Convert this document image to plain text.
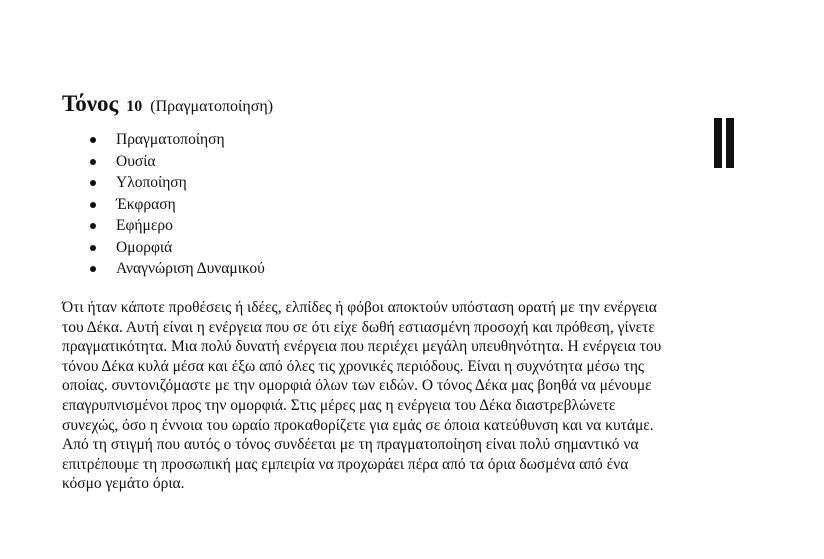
Τόνος 10 (Πραγματοποίηση)
Πραγματοποίηση
Ουσία
Υλοποίηση
Έκφραση
Εφήμερο
Ομορφιά
Αναγνώριση Δυναμικού

Ότι ήταν κάποτε προθέσεις ή ιδέες, ελπίδες ή φόβοι αποκτούν υπόσταση ορατή με την ενέργεια
του Δέκα. Αυτή είναι η ενέργεια που σε ότι είχε δωθή εστιασμένη προσοχή και πρόθεση, γίνετε
πραγματικότητα. Μια πολύ δυνατή ενέργεια που περιέχει μεγάλη υπευθηνότητα. Η ενέργεια του
τόνου Δέκα κυλά μέσα και έξω από όλες τις χρονικές περιόδους. Είναι η συχνότητα μέσω της
οποίας. συντονιζόμαστε με την ομορφιά όλων των ειδών. Ο τόνος Δέκα μας βοηθά να μένουμε
επαγρυπνισμένοι προς την ομορφιά. Στις μέρες μας η ενέργεια του Δέκα διαστρεβλώνετε
συνεχώς, όσο η έννοια του ωραίο προκαθορίζετε για εμάς σε όποια κατεύθυνση και να κυτάμε.
Από τη στιγμή που αυτός ο τόνος συνδέεται με τη πραγματοποίηση είναι πολύ σημαντικό να
επιτρέπουμε τη προσωπική μας εμπειρία να προχωράει πέρα από τα όρια δωσμένα από ένα
κόσμο γεμάτο όρια.
